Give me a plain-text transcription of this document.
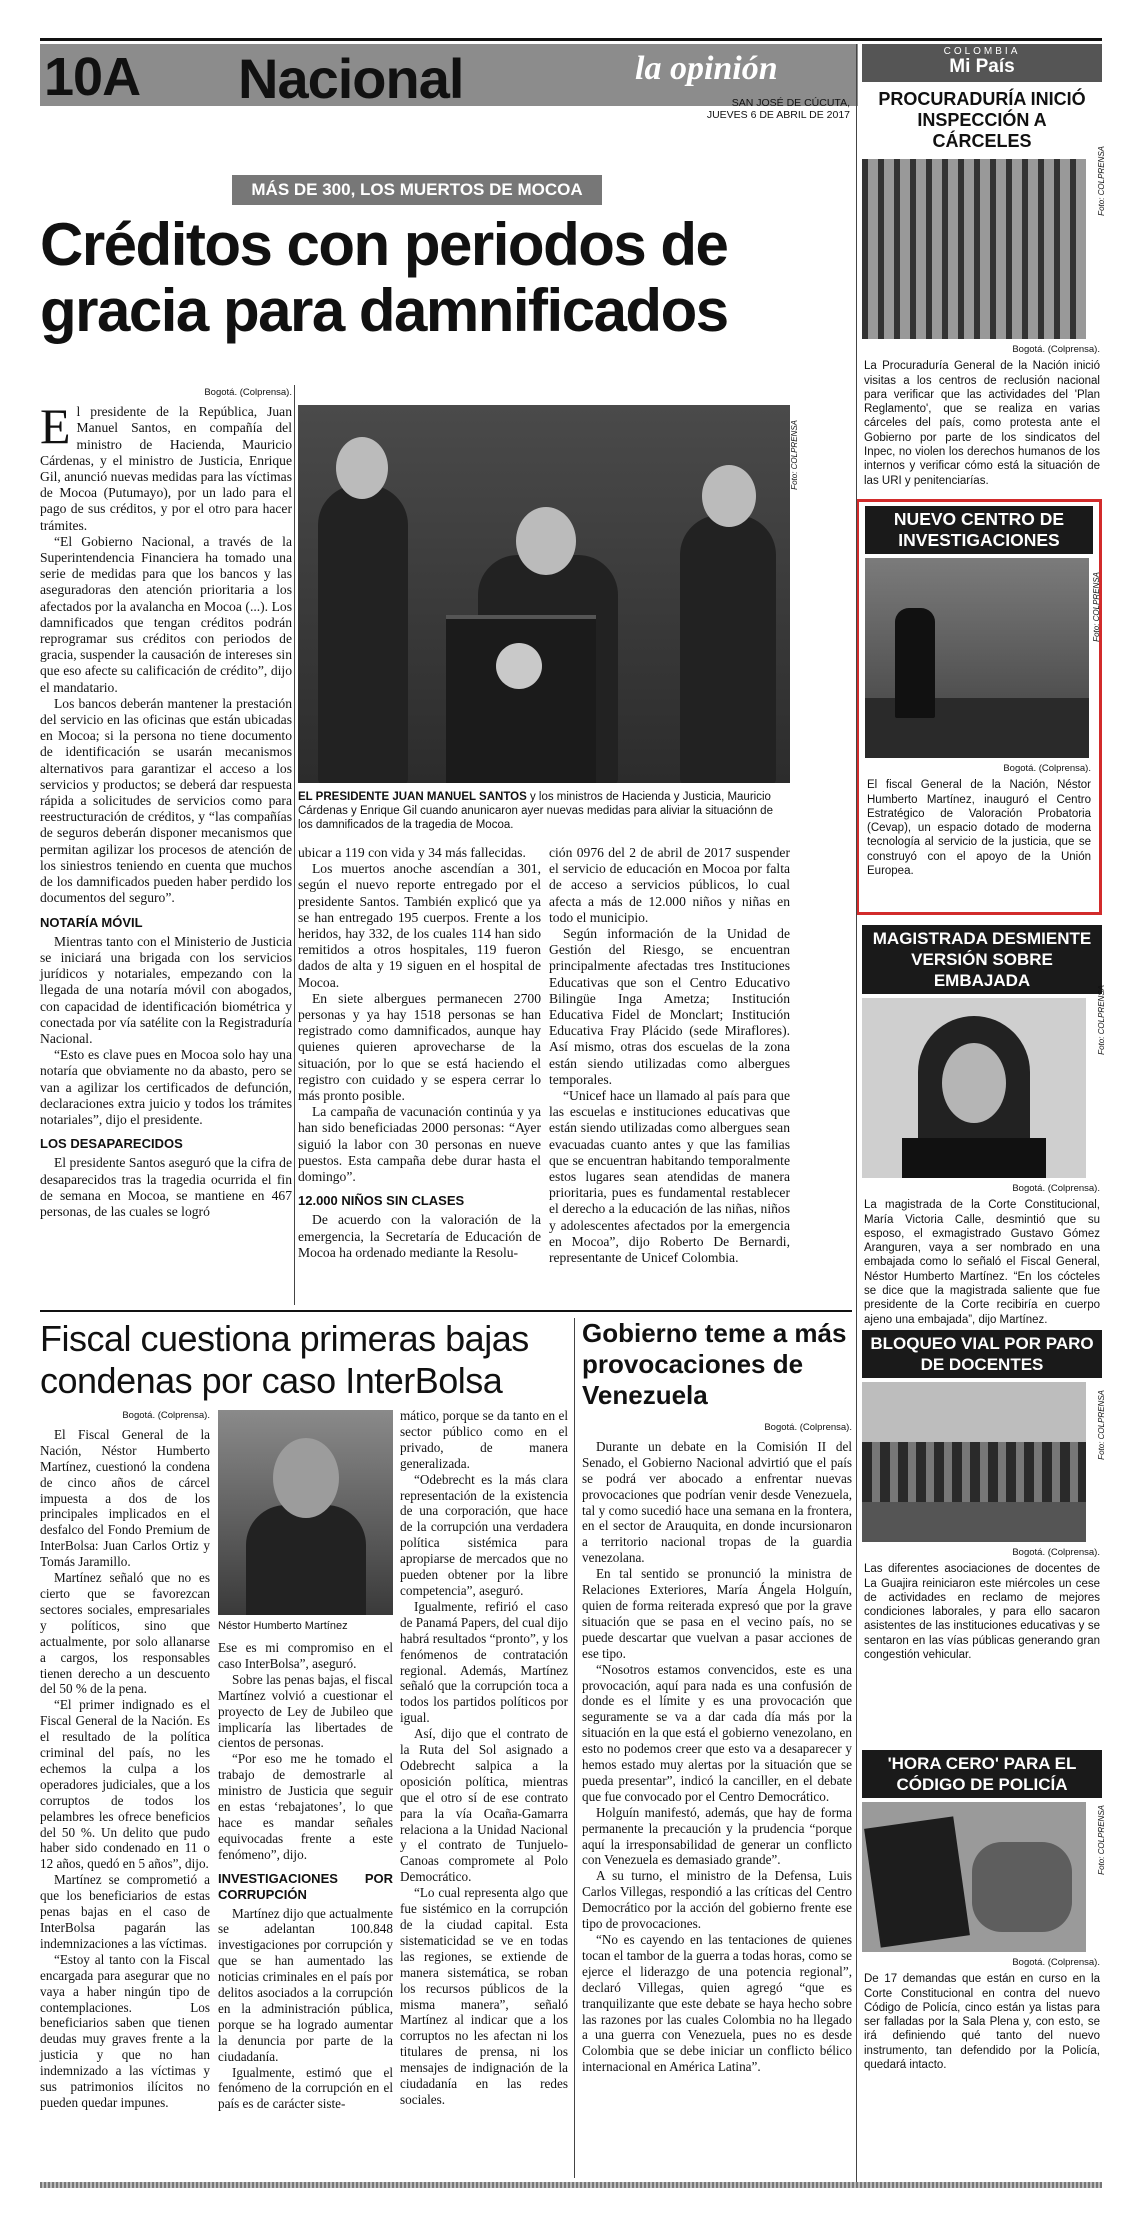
10A Nacional	la opinión
SAN JOSÉ DE CÚCUTA,
JUEVES 6 DE ABRIL DE 2017
COLOMBIA
Mi País
MÁS DE 300, LOS MUERTOS DE MOCOA
Créditos con periodos de gracia para damnificados
Bogotá. (Colprensa).
E l presidente de la República, Juan Manuel Santos, en compañía del ministro de Hacienda, Mauricio Cárdenas, y el ministro de Justicia, Enrique Gil, anunció nuevas medidas para las víctimas de Mocoa (Putumayo), por un lado para el pago de sus créditos, y por el otro para hacer trámites.

“El Gobierno Nacional, a través de la Superintendencia Financiera ha tomado una serie de medidas para que los bancos y las aseguradoras den atención prioritaria a los afectados por la avalancha en Mocoa (...). Los damnificados que tengan créditos podrán reprogramar sus créditos con periodos de gracia, suspender la causación de intereses sin que eso afecte su calificación de crédito”, dijo el mandatario.

Los bancos deberán mantener la prestación del servicio en las oficinas que están ubicadas en Mocoa; si la persona no tiene documento de identificación se usarán mecanismos alternativos para garantizar el acceso a los servicios y productos; se deberá dar respuesta rápida a solicitudes de servicios como para reestructuración de créditos, y “las compañías de seguros deberán disponer mecanismos que permitan agilizar los procesos de atención de los siniestros teniendo en cuenta que muchos de los damnificados pueden haber perdido los documentos del seguro”.

NOTARÍA MÓVIL

Mientras tanto con el Ministerio de Justicia se iniciará una brigada con los servicios jurídicos y notariales, empezando con la llegada de una notaría móvil con abogados, con capacidad de identificación biométrica y conectada por vía satélite con la Registraduría Nacional.

“Esto es clave pues en Mocoa solo hay una notaría que obviamente no da abasto, pero se van a agilizar los certificados de defunción, declaraciones extra juicio y todos los trámites notariales”, dijo el presidente.

LOS DESAPARECIDOS

El presidente Santos aseguró que la cifra de desaparecidos tras la tragedia ocurrida el fin de semana en Mocoa, se mantiene en 467 personas, de las cuales se logró

Foto: COLPRENSA
EL PRESIDENTE JUAN MANUEL SANTOS y los ministros de Hacienda y Justicia, Mauricio Cárdenas y Enrique Gil cuando anunicaron ayer nuevas medidas para aliviar la situaciónn de los damnificados de la tragedia de Mocoa.

ubicar a 119 con vida y 34 más fallecidas.

Los muertos anoche ascendían a 301, según el nuevo reporte entregado por el presidente Santos. También explicó que ya se han entregado 195 cuerpos. Frente a los heridos, hay 332, de los cuales 114 han sido remitidos a otros hospitales, 119 fueron dados de alta y 19 siguen en el hospital de Mocoa.

En siete albergues permanecen 2700 personas y ya hay 1518 personas se han registrado como damnificados, aunque hay quienes quieren aprovecharse de la situación, por lo que se está haciendo el registro con cuidado y se espera cerrar lo más pronto posible.

La campaña de vacunación continúa y ya han sido beneficiadas 2000 personas: “Ayer siguió la labor con 30 personas en nueve puestos. Esta campaña debe durar hasta el domingo”.

12.000 NIÑOS SIN CLASES

De acuerdo con la valoración de la emergencia, la Secretaría de Educación de Mocoa ha ordenado mediante la Resolu-

ción 0976 del 2 de abril de 2017 suspender el servicio de educación en Mocoa por falta de acceso a servicios públicos, lo cual afecta a más de 12.000 niños y niñas en todo el municipio.

Según información de la Unidad de Gestión del Riesgo, se encuentran principalmente afectadas tres Instituciones Educativas que son el Centro Educativo Bilingüe Inga Ametza; Institución Educativa Fidel de Monclart; Institución Educativa Fray Plácido (sede Miraflores). Así mismo, otras dos escuelas de la zona están siendo utilizadas como albergues temporales.

“Unicef hace un llamado al país para que las escuelas e instituciones educativas que están siendo utilizadas como albergues sean evacuadas cuanto antes y que las familias que se encuentran habitando temporalmente estos lugares sean atendidas de manera prioritaria, pues es fundamental restablecer el derecho a la educación de las niñas, niños y adolescentes afectados por la emergencia en Mocoa”, dijo Roberto De Bernardi, representante de Unicef Colombia.

Fiscal cuestiona primeras bajas condenas por caso InterBolsa
Bogotá. (Colprensa).

El Fiscal General de la Nación, Néstor Humberto Martínez, cuestionó la condena de cinco años de cárcel impuesta a dos de los principales implicados en el desfalco del Fondo Premium de InterBolsa: Juan Carlos Ortiz y Tomás Jaramillo.

Martínez señaló que no es cierto que se favorezcan sectores sociales, empresariales y políticos, sino que actualmente, por solo allanarse a cargos, los responsables tienen derecho a un descuento del 50 % de la pena.

“El primer indignado es el Fiscal General de la Nación. Es el resultado de la política criminal del país, no les echemos la culpa a los operadores judiciales, que a los corruptos de todos los pelambres les ofrece beneficios del 50 %. Un delito que pudo haber sido condenado en 11 o 12 años, quedó en 5 años”, dijo.

Martínez se comprometió a que los beneficiarios de estas penas bajas en el caso de InterBolsa pagarán las indemnizaciones a las víctimas.

“Estoy al tanto con la Fiscal encargada para asegurar que no vaya a haber ningún tipo de contemplaciones. Los beneficiarios saben que tienen deudas muy graves frente a la justicia y que no han indemnizado a las víctimas y sus patrimonios ilícitos no pueden quedar impunes.

Néstor Humberto Martínez

Ese es mi compromiso en el caso InterBolsa”, aseguró.

Sobre las penas bajas, el fiscal Martínez volvió a cuestionar el proyecto de Ley de Jubileo que implicaría las libertades de cientos de personas.

“Por eso me he tomado el trabajo de demostrarle al ministro de Justicia que seguir en estas ‘rebajatones’, lo que hace es mandar señales equivocadas frente a este fenómeno”, dijo.

INVESTIGACIONES POR CORRUPCIÓN

Martínez dijo que actualmente se adelantan 100.848 investigaciones por corrupción y que se han aumentado las noticias criminales en el país por delitos asociados a la corrupción en la administración pública, porque se ha logrado aumentar la denuncia por parte de la ciudadanía.

Igualmente, estimó que el fenómeno de la corrupción en el país es de carácter siste-

mático, porque se da tanto en el sector público como en el privado, de manera generalizada.

“Odebrecht es la más clara representación de la existencia de una corporación, que hace de la corrupción una verdadera política sistémica para apropiarse de mercados que no pueden obtener por la libre competencia”, aseguró.

Igualmente, refirió el caso de Panamá Papers, del cual dijo habrá resultados “pronto”, y los fenómenos de contratación regional. Además, Martínez señaló que la corrupción toca a todos los partidos políticos por igual.

Así, dijo que el contrato de la Ruta del Sol asignado a Odebrecht salpica a la oposición política, mientras que el otro sí de ese contrato para la vía Ocaña-Gamarra relaciona a la Unidad Nacional y el contrato de Tunjuelo-Canoas compromete al Polo Democrático.

“Lo cual representa algo que fue sistémico en la corrupción de la ciudad capital. Esta sistematicidad se ve en todas las regiones, se extiende de manera sistemática, se roban los recursos públicos de la misma manera”, señaló Martínez al indicar que a los corruptos no les afectan ni los titulares de prensa, ni los mensajes de indignación de la ciudadanía en las redes sociales.

Gobierno teme a más provocaciones de Venezuela
Bogotá. (Colprensa).

Durante un debate en la Comisión II del Senado, el Gobierno Nacional advirtió que el país se podrá ver abocado a enfrentar nuevas provocaciones que podrían venir desde Venezuela, tal y como sucedió hace una semana en la frontera, en el sector de Arauquita, en donde incursionaron a territorio nacional tropas de la guardia venezolana.

En tal sentido se pronunció la ministra de Relaciones Exteriores, María Ángela Holguín, quien de forma reiterada expresó que por la grave situación que se pasa en el vecino país, no se puede descartar que vuelvan a pasar acciones de ese tipo.

“Nosotros estamos convencidos, este es una provocación, aquí para nada es una confusión de donde es el límite y es una provocación que seguramente se va a dar cada día más por la situación en la que está el gobierno venezolano, en esto no podemos creer que esto va a desaparecer y hemos estado muy alertas por la situación que se pueda presentar”, indicó la canciller, en el debate que fue convocado por el Centro Democrático.

Holguín manifestó, además, que hay de forma permanente la precaución y la prudencia “porque aquí la irresponsabilidad de generar un conflicto con Venezuela es demasiado grande”.

A su turno, el ministro de la Defensa, Luis Carlos Villegas, respondió a las críticas del Centro Democrático por la acción del gobierno frente ese tipo de provocaciones.

“No es cayendo en las tentaciones de quienes tocan el tambor de la guerra a todas horas, como se ejerce el liderazgo de una potencia regional”, declaró Villegas, quien agregó “que es tranquilizante que este debate se haya hecho sobre las razones por las cuales Colombia no ha llegado a una guerra con Venezuela, pues no es desde Colombia que se debe iniciar un conflicto bélico internacional en América Latina”.

PROCURADURÍA INICIÓ INSPECCIÓN A CÁRCELES
Foto: COLPRENSA
Bogotá. (Colprensa).
La Procuraduría General de la Nación inició visitas a los centros de reclusión nacional para verificar que las actividades del 'Plan Reglamento', que se realiza en varias cárceles del país, como protesta ante el Gobierno por parte de los sindicatos del Inpec, no violen los derechos humanos de los internos y verificar cómo está la situación de las URI y penitenciarías.
NUEVO CENTRO DE INVESTIGACIONES
Foto: COLPRENSA
Bogotá. (Colprensa).
El fiscal General de la Nación, Néstor Humberto Martínez, inauguró el Centro Estratégico de Valoración Probatoria (Cevap), un espacio dotado de moderna tecnología al servicio de la justicia, que se construyó con el apoyo de la Unión Europea.
MAGISTRADA DESMIENTE VERSIÓN SOBRE EMBAJADA
Foto: COLPRENSA
Bogotá. (Colprensa).
La magistrada de la Corte Constitucional, María Victoria Calle, desmintió que su esposo, el exmagistrado Gustavo Gómez Aranguren, vaya a ser nombrado en una embajada como lo señaló el Fiscal General, Néstor Humberto Martínez. “En los cócteles se dice que la magistrada saliente que fue presidente de la Corte recibiría en cuerpo ajeno una embajada”, dijo Martínez.
BLOQUEO VIAL POR PARO DE DOCENTES
Foto: COLPRENSA
Bogotá. (Colprensa).
Las diferentes asociaciones de docentes de La Guajira reiniciaron este miércoles un cese de actividades en reclamo de mejores condiciones laborales, y para ello sacaron asistentes de las instituciones educativas y se sentaron en las vías públicas generando gran congestión vehicular.
'HORA CERO' PARA EL CÓDIGO DE POLICÍA
Foto: COLPRENSA
Bogotá. (Colprensa).
De 17 demandas que están en curso en la Corte Constitucional en contra del nuevo Código de Policía, cinco están ya listas para ser falladas por la Sala Plena y, con esto, se irá definiendo qué tanto del nuevo instrumento, tan defendido por la Policía, quedará intacto.
